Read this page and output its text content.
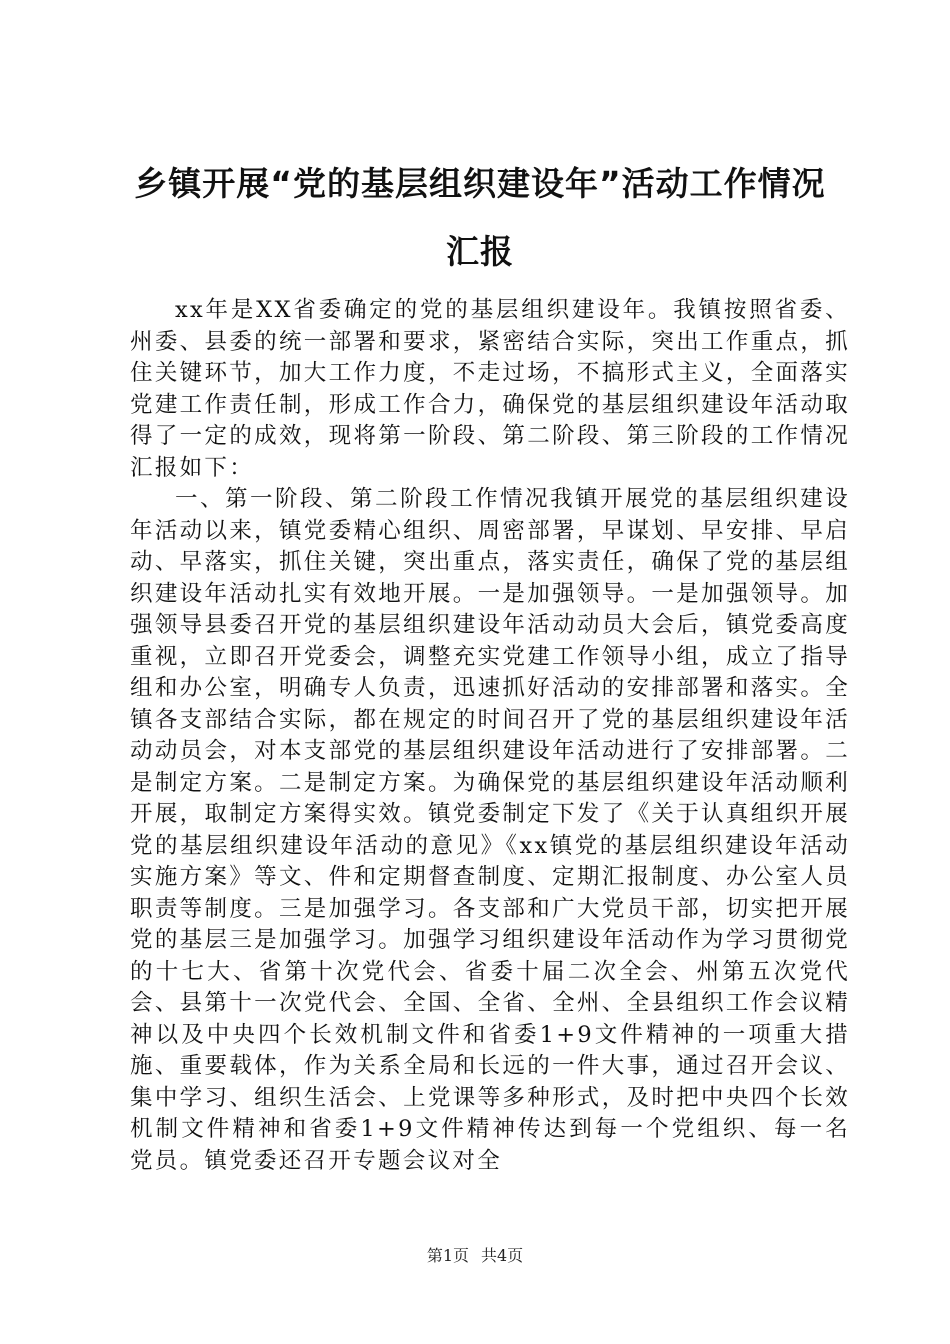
乡镇开展“党的基层组织建设年”活动工作情况汇报

xx年是XX省委确定的党的基层组织建设年。我镇按照省委、州委、县委的统一部署和要求，紧密结合实际，突出工作重点，抓住关键环节，加大工作力度，不走过场，不搞形式主义，全面落实党建工作责任制，形成工作合力，确保党的基层组织建设年活动取得了一定的成效，现将第一阶段、第二阶段、第三阶段的工作情况汇报如下：

一、第一阶段、第二阶段工作情况我镇开展党的基层组织建设年活动以来，镇党委精心组织、周密部署，早谋划、早安排、早启动、早落实，抓住关键，突出重点，落实责任，确保了党的基层组织建设年活动扎实有效地开展。一是加强领导。一是加强领导。加强领导县委召开党的基层组织建设年活动动员大会后，镇党委高度重视，立即召开党委会，调整充实党建工作领导小组，成立了指导组和办公室，明确专人负责，迅速抓好活动的安排部署和落实。全镇各支部结合实际，都在规定的时间召开了党的基层组织建设年活动动员会，对本支部党的基层组织建设年活动进行了安排部署。二是制定方案。二是制定方案。为确保党的基层组织建设年活动顺利开展，取制定方案得实效。镇党委制定下发了《关于认真组织开展党的基层组织建设年活动的意见》《xx镇党的基层组织建设年活动实施方案》等文、件和定期督查制度、定期汇报制度、办公室人员职责等制度。三是加强学习。各支部和广大党员干部，切实把开展党的基层三是加强学习。加强学习组织建设年活动作为学习贯彻党的十七大、省第十次党代会、省委十届二次全会、州第五次党代会、县第十一次党代会、全国、全省、全州、全县组织工作会议精神以及中央四个长效机制文件和省委1+9文件精神的一项重大措施、重要载体，作为关系全局和长远的一件大事，通过召开会议、集中学习、组织生活会、上党课等多种形式，及时把中央四个长效机制文件精神和省委1+9文件精神传达到每一个党组织、每一名党员。镇党委还召开专题会议对全

第1页 共4页
